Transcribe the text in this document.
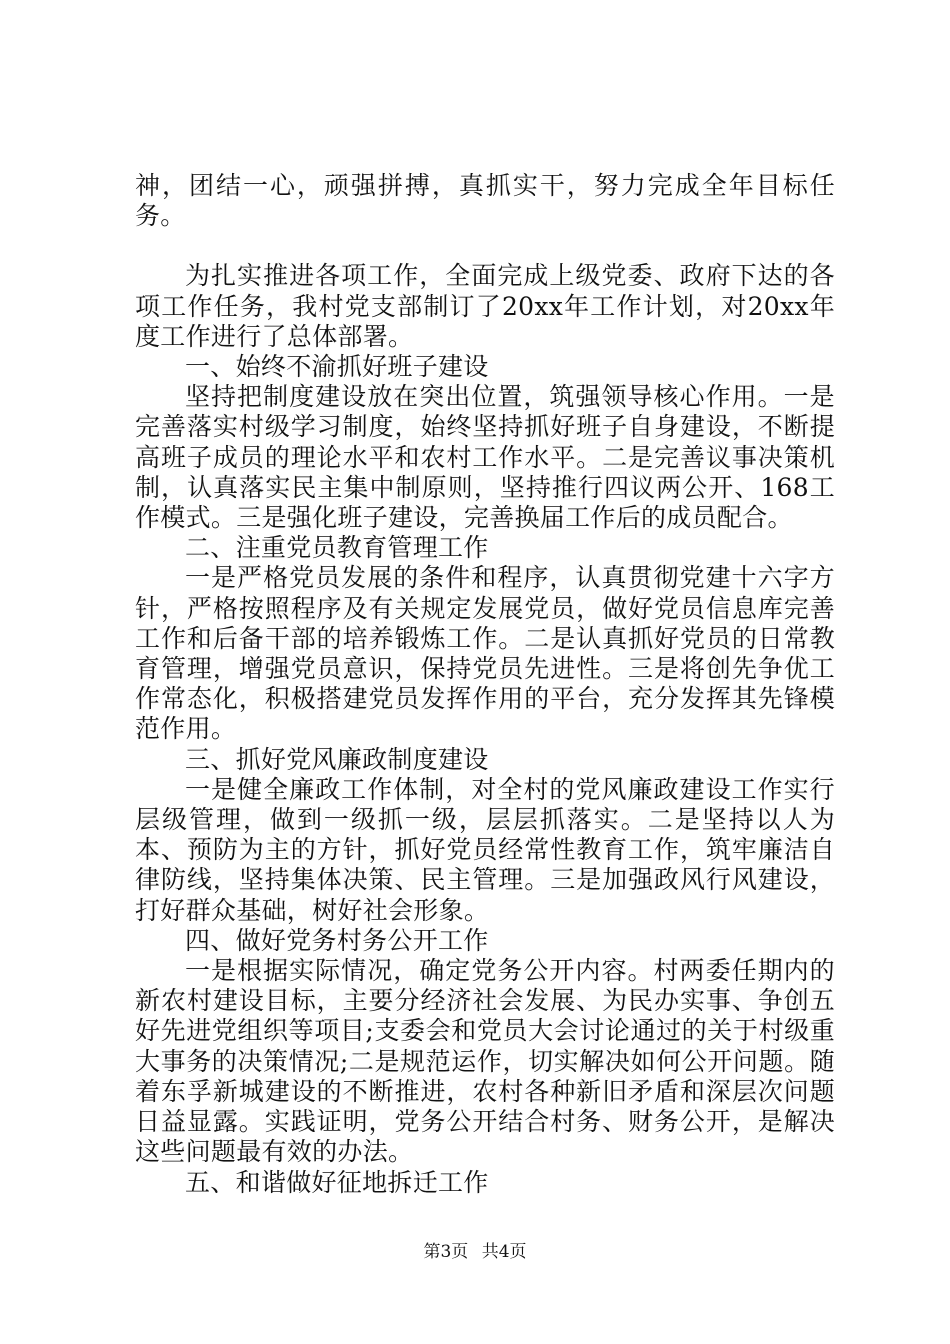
神，团结一心，顽强拼搏，真抓实干，努力完成全年目标任务。

为扎实推进各项工作，全面完成上级党委、政府下达的各项工作任务，我村党支部制订了20xx年工作计划，对20xx年度工作进行了总体部署。

一、始终不渝抓好班子建设

坚持把制度建设放在突出位置，筑强领导核心作用。一是完善落实村级学习制度，始终坚持抓好班子自身建设，不断提高班子成员的理论水平和农村工作水平。二是完善议事决策机制，认真落实民主集中制原则，坚持推行四议两公开、168工作模式。三是强化班子建设，完善换届工作后的成员配合。

二、注重党员教育管理工作

一是严格党员发展的条件和程序，认真贯彻党建十六字方针，严格按照程序及有关规定发展党员，做好党员信息库完善工作和后备干部的培养锻炼工作。二是认真抓好党员的日常教育管理，增强党员意识，保持党员先进性。三是将创先争优工作常态化，积极搭建党员发挥作用的平台，充分发挥其先锋模范作用。

三、抓好党风廉政制度建设

一是健全廉政工作体制，对全村的党风廉政建设工作实行层级管理，做到一级抓一级，层层抓落实。二是坚持以人为本、预防为主的方针，抓好党员经常性教育工作，筑牢廉洁自律防线，坚持集体决策、民主管理。三是加强政风行风建设，打好群众基础，树好社会形象。

四、做好党务村务公开工作

一是根据实际情况，确定党务公开内容。村两委任期内的新农村建设目标，主要分经济社会发展、为民办实事、争创五好先进党组织等项目;支委会和党员大会讨论通过的关于村级重大事务的决策情况;二是规范运作，切实解决如何公开问题。随着东孚新城建设的不断推进，农村各种新旧矛盾和深层次问题日益显露。实践证明，党务公开结合村务、财务公开，是解决这些问题最有效的办法。

五、和谐做好征地拆迁工作

第3页 共4页
